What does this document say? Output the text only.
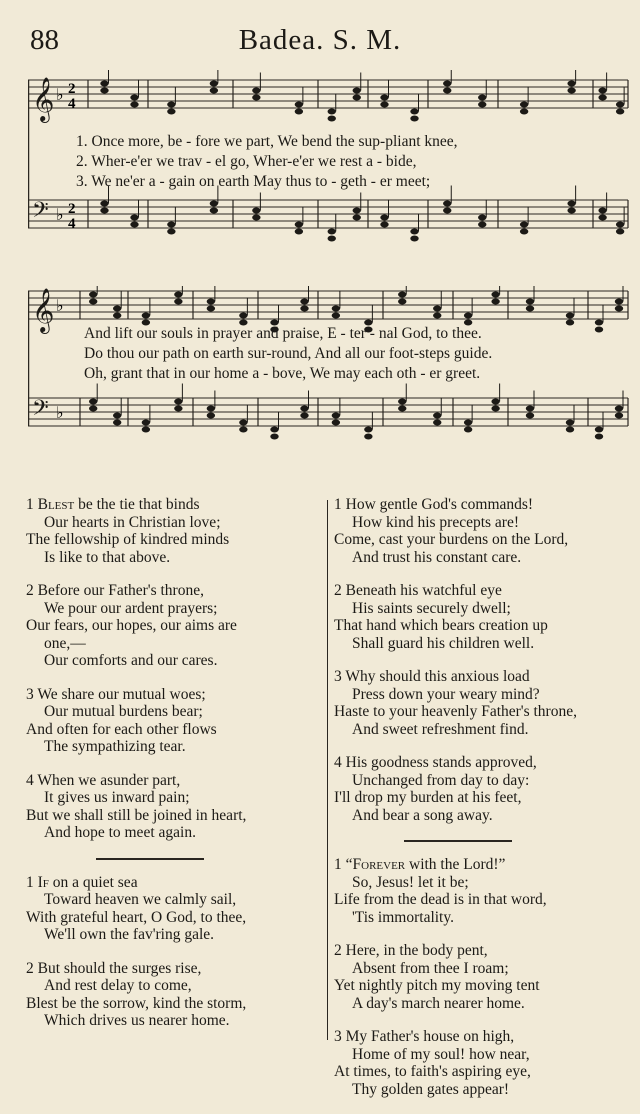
88	Badea. S. M.
𝄞 2
4
♭
𝄢 2
4
♭
1. Once more, be - fore we part, We bend the sup-pliant knee,
2. Wher-e'er we trav - el go, Wher-e'er we rest a - bide,
3. We ne'er a - gain on earth May thus to - geth - er meet;
𝄞 ♭
𝄢 ♭
And lift our souls in prayer and praise, E - ter - nal God, to thee.
Do thou our path on earth sur-round, And all our foot-steps guide.
Oh, grant that in our home a - bove, We may each oth - er greet.
1 Blest be the tie that binds
Our hearts in Christian love;
The fellowship of kindred minds
Is like to that above.
2 Before our Father's throne,
We pour our ardent prayers;
Our fears, our hopes, our aims are
one,—
Our comforts and our cares.
3 We share our mutual woes;
Our mutual burdens bear;
And often for each other flows
The sympathizing tear.
4 When we asunder part,
It gives us inward pain;
But we shall still be joined in heart,
And hope to meet again.
1 If on a quiet sea
Toward heaven we calmly sail,
With grateful heart, O God, to thee,
We'll own the fav'ring gale.
2 But should the surges rise,
And rest delay to come,
Blest be the sorrow, kind the storm,
Which drives us nearer home.
1 How gentle God's commands!
How kind his precepts are!
Come, cast your burdens on the Lord,
And trust his constant care.
2 Beneath his watchful eye
His saints securely dwell;
That hand which bears creation up
Shall guard his children well.
3 Why should this anxious load
Press down your weary mind?
Haste to your heavenly Father's throne,
And sweet refreshment find.
4 His goodness stands approved,
Unchanged from day to day:
I'll drop my burden at his feet,
And bear a song away.
1 “Forever with the Lord!”
So, Jesus! let it be;
Life from the dead is in that word,
'Tis immortality.
2 Here, in the body pent,
Absent from thee I roam;
Yet nightly pitch my moving tent
A day's march nearer home.
3 My Father's house on high,
Home of my soul! how near,
At times, to faith's aspiring eye,
Thy golden gates appear!
